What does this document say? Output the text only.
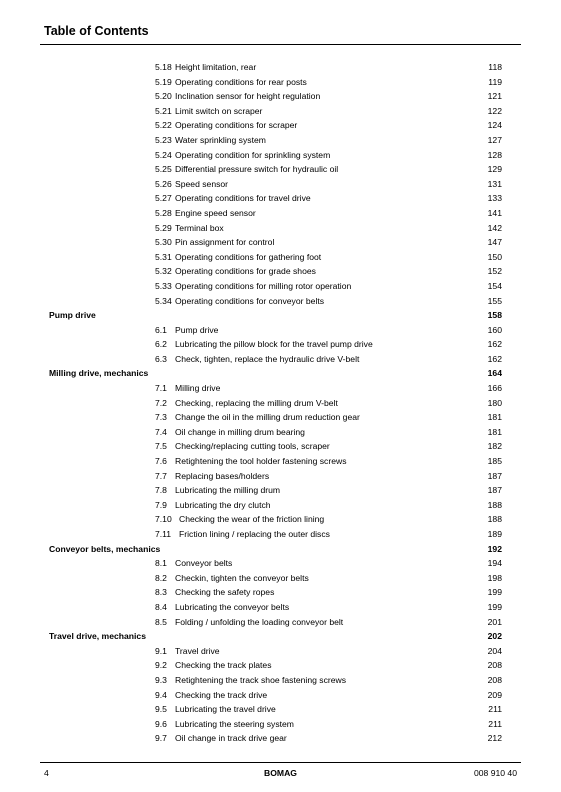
Table of Contents
5.18 Height limitation, rear	118
5.19 Operating conditions for rear posts	119
5.20 Inclination sensor for height regulation	121
5.21 Limit switch on scraper	122
5.22 Operating conditions for scraper	124
5.23 Water sprinkling system	127
5.24 Operating condition for sprinkling system	128
5.25 Differential pressure switch for hydraulic oil	129
5.26 Speed sensor	131
5.27 Operating conditions for travel drive	133
5.28 Engine speed sensor	141
5.29 Terminal box	142
5.30 Pin assignment for control	147
5.31 Operating conditions for gathering foot	150
5.32 Operating conditions for grade shoes	152
5.33 Operating conditions for milling rotor operation	154
5.34 Operating conditions for conveyor belts	155
Pump drive	158
6.1 Pump drive	160
6.2 Lubricating the pillow block for the travel pump drive	162
6.3 Check, tighten, replace the hydraulic drive V-belt	162
Milling drive, mechanics	164
7.1 Milling drive	166
7.2 Checking, replacing the milling drum V-belt	180
7.3 Change the oil in the milling drum reduction gear	181
7.4 Oil change in milling drum bearing	181
7.5 Checking/replacing cutting tools, scraper	182
7.6 Retightening the tool holder fastening screws	185
7.7 Replacing bases/holders	187
7.8 Lubricating the milling drum	187
7.9 Lubricating the dry clutch	188
7.10 Checking the wear of the friction lining	188
7.11 Friction lining / replacing the outer discs	189
Conveyor belts, mechanics	192
8.1 Conveyor belts	194
8.2 Checkin, tighten the conveyor belts	198
8.3 Checking the safety ropes	199
8.4 Lubricating the conveyor belts	199
8.5 Folding / unfolding the loading conveyor belt	201
Travel drive, mechanics	202
9.1 Travel drive	204
9.2 Checking the track plates	208
9.3 Retightening the track shoe fastening screws	208
9.4 Checking the track drive	209
9.5 Lubricating the travel drive	211
9.6 Lubricating the steering system	211
9.7 Oil change in track drive gear	212
4	BOMAG	008 910 40
